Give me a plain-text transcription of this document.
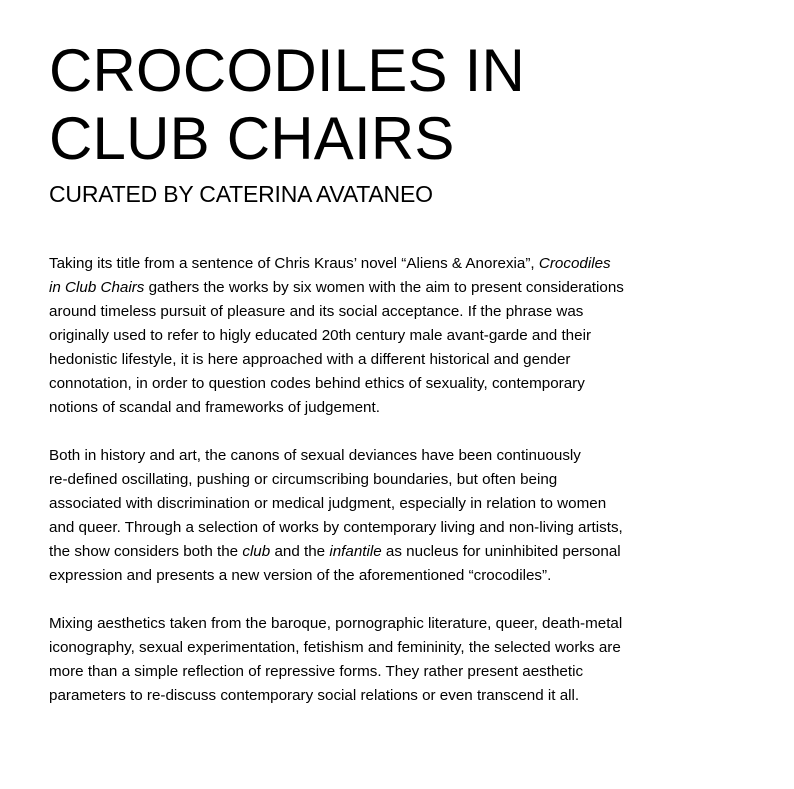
CROCODILES IN
CLUB CHAIRS
CURATED BY CATERINA AVATANEO

Taking its title from a sentence of Chris Kraus’ novel “Aliens & Anorexia”, Crocodiles
in Club Chairs gathers the works by six women with the aim to present considerations
around timeless pursuit of pleasure and its social acceptance. If the phrase was
originally used to refer to higly educated 20th century male avant-garde and their
hedonistic lifestyle, it is here approached with a different historical and gender
connotation, in order to question codes behind ethics of sexuality, contemporary
notions of scandal and frameworks of judgement.

Both in history and art, the canons of sexual deviances have been continuously
re-defined oscillating, pushing or circumscribing boundaries, but often being
associated with discrimination or medical judgment, especially in relation to women
and queer. Through a selection of works by contemporary living and non-living artists,
the show considers both the club and the infantile as nucleus for uninhibited personal
expression and presents a new version of the aforementioned “crocodiles”.

Mixing aesthetics taken from the baroque, pornographic literature, queer, death-metal
iconography, sexual experimentation, fetishism and femininity, the selected works are
more than a simple reflection of repressive forms. They rather present aesthetic
parameters to re-discuss contemporary social relations or even transcend it all.
